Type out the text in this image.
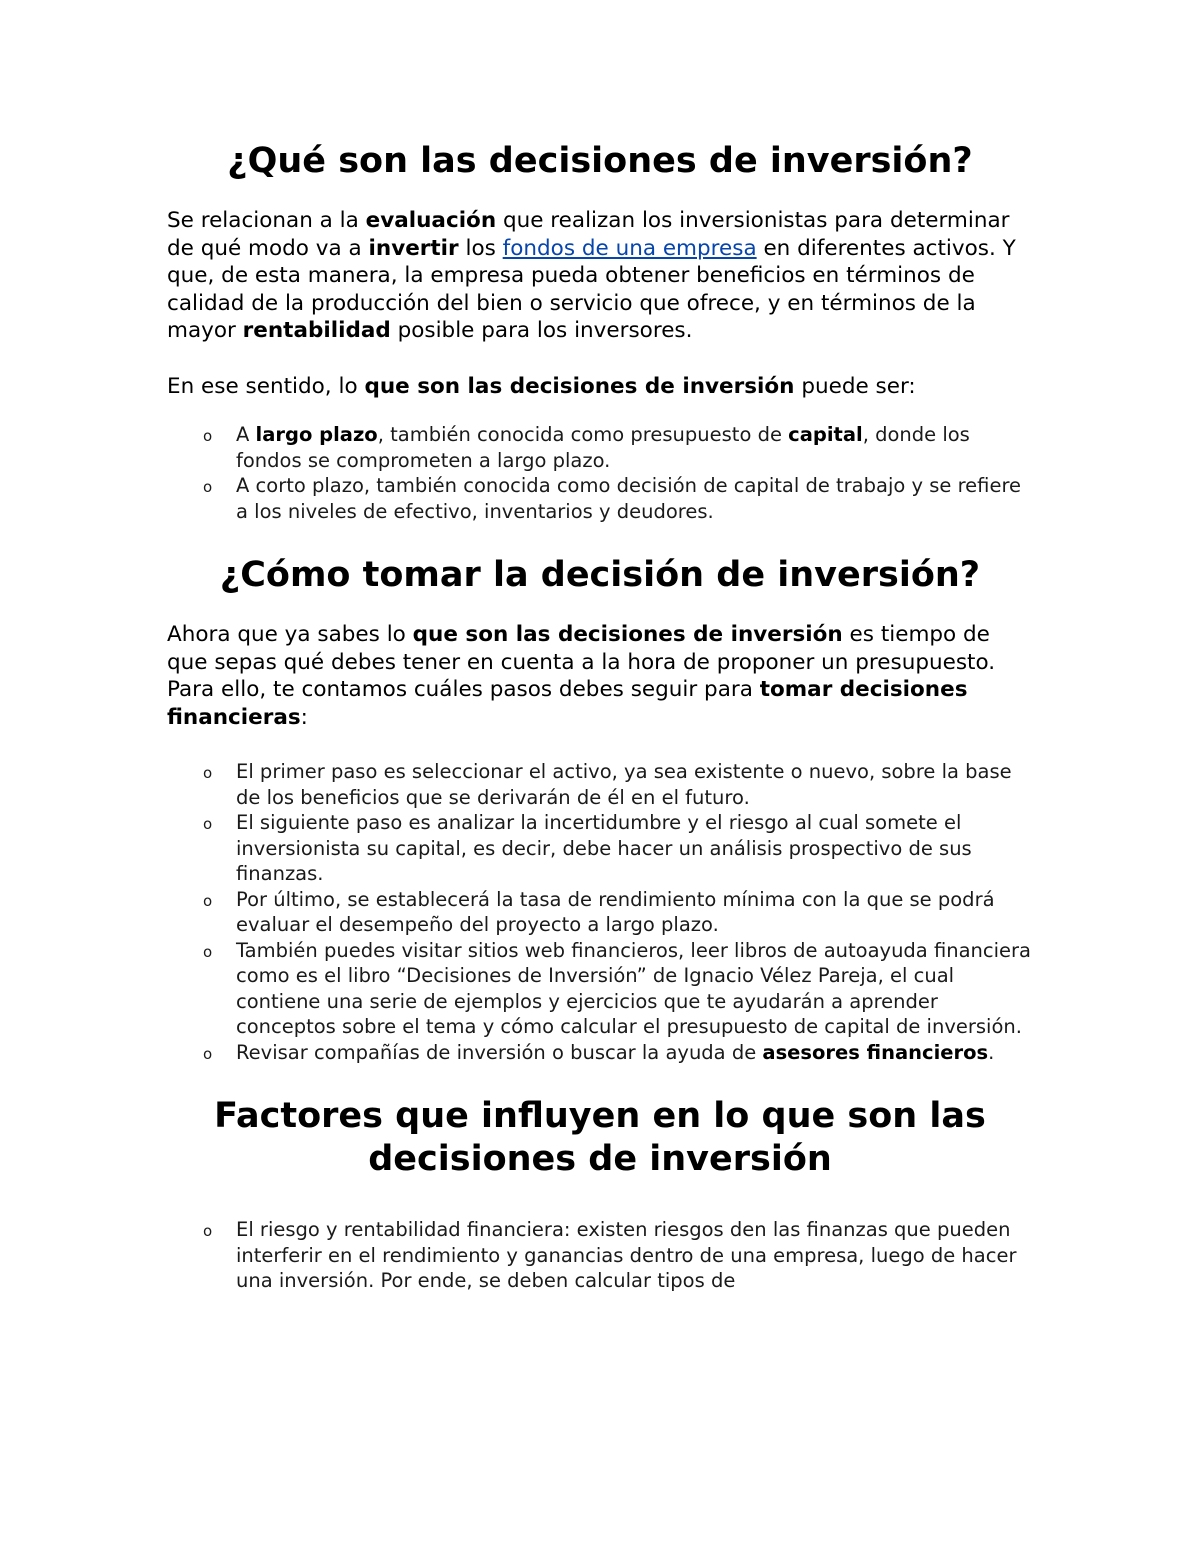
¿Qué son las decisiones de inversión?

Se relacionan a la evaluación que realizan los inversionistas para determinar de qué modo va a invertir los fondos de una empresa en diferentes activos. Y que, de esta manera, la empresa pueda obtener beneficios en términos de calidad de la producción del bien o servicio que ofrece, y en términos de la mayor rentabilidad posible para los inversores.

En ese sentido, lo que son las decisiones de inversión puede ser:

o A largo plazo, también conocida como presupuesto de capital, donde los fondos se comprometen a largo plazo.
o A corto plazo, también conocida como decisión de capital de trabajo y se refiere a los niveles de efectivo, inventarios y deudores.
¿Cómo tomar la decisión de inversión?

Ahora que ya sabes lo que son las decisiones de inversión es tiempo de que sepas qué debes tener en cuenta a la hora de proponer un presupuesto. Para ello, te contamos cuáles pasos debes seguir para tomar decisiones financieras:

o El primer paso es seleccionar el activo, ya sea existente o nuevo, sobre la base de los beneficios que se derivarán de él en el futuro.
o El siguiente paso es analizar la incertidumbre y el riesgo al cual somete el inversionista su capital, es decir, debe hacer un análisis prospectivo de sus finanzas.
o Por último, se establecerá la tasa de rendimiento mínima con la que se podrá evaluar el desempeño del proyecto a largo plazo.
o También puedes visitar sitios web financieros, leer libros de autoayuda financiera como es el libro “Decisiones de Inversión” de Ignacio Vélez Pareja, el cual contiene una serie de ejemplos y ejercicios que te ayudarán a aprender conceptos sobre el tema y cómo calcular el presupuesto de capital de inversión.
o Revisar compañías de inversión o buscar la ayuda de asesores financieros.
Factores que influyen en lo que son las decisiones de inversión
o El riesgo y rentabilidad financiera: existen riesgos den las finanzas que pueden interferir en el rendimiento y ganancias dentro de una empresa, luego de hacer una inversión. Por ende, se deben calcular tipos de
